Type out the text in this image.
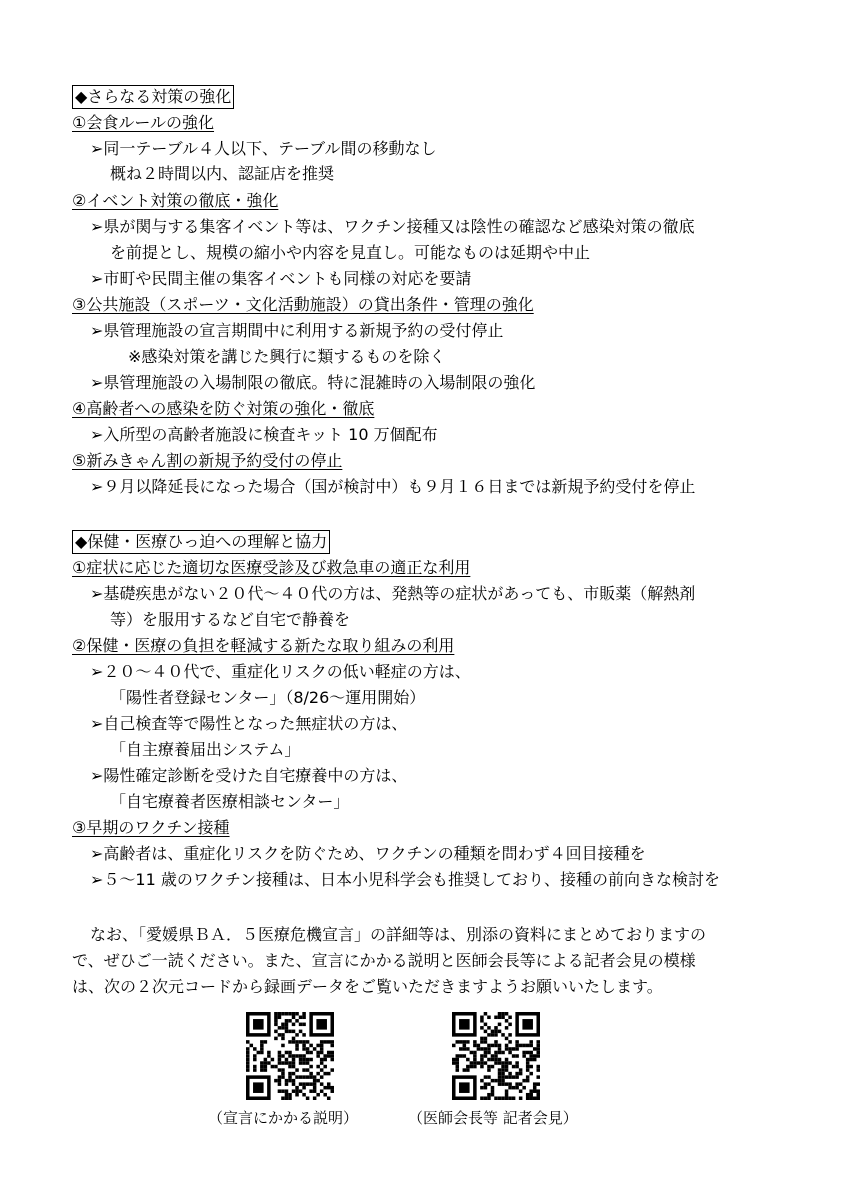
◆さらなる対策の強化
①会食ルールの強化
➢同一テーブル４人以下、テーブル間の移動なし
概ね２時間以内、認証店を推奨
②イベント対策の徹底・強化
➢県が関与する集客イベント等は、ワクチン接種又は陰性の確認など感染対策の徹底
を前提とし、規模の縮小や内容を見直し。可能なものは延期や中止
➢市町や民間主催の集客イベントも同様の対応を要請
③公共施設（スポーツ・文化活動施設）の貸出条件・管理の強化
➢県管理施設の宣言期間中に利用する新規予約の受付停止
※感染対策を講じた興行に類するものを除く
➢県管理施設の入場制限の徹底。特に混雑時の入場制限の強化
④高齢者への感染を防ぐ対策の強化・徹底
➢入所型の高齢者施設に検査キット 10 万個配布
⑤新みきゃん割の新規予約受付の停止
➢９月以降延長になった場合（国が検討中）も９月１６日までは新規予約受付を停止
◆保健・医療ひっ迫への理解と協力
①症状に応じた適切な医療受診及び救急車の適正な利用
➢基礎疾患がない２０代～４０代の方は、発熱等の症状があっても、市販薬（解熱剤
等）を服用するなど自宅で静養を
②保健・医療の負担を軽減する新たな取り組みの利用
➢２０～４０代で、重症化リスクの低い軽症の方は、
「陽性者登録センター」（8/26～運用開始）
➢自己検査等で陽性となった無症状の方は、
「自主療養届出システム」
➢陽性確定診断を受けた自宅療養中の方は、
「自宅療養者医療相談センター」
③早期のワクチン接種
➢高齢者は、重症化リスクを防ぐため、ワクチンの種類を問わず４回目接種を
➢５～11 歳のワクチン接種は、日本小児科学会も推奨しており、接種の前向きな検討を
なお、「愛媛県ＢＡ．５医療危機宣言」の詳細等は、別添の資料にまとめておりますの
で、ぜひご一読ください。また、宣言にかかる説明と医師会長等による記者会見の模様
は、次の２次元コードから録画データをご覧いただきますようお願いいたします。
（宣言にかかる説明）	（医師会長等 記者会見）
